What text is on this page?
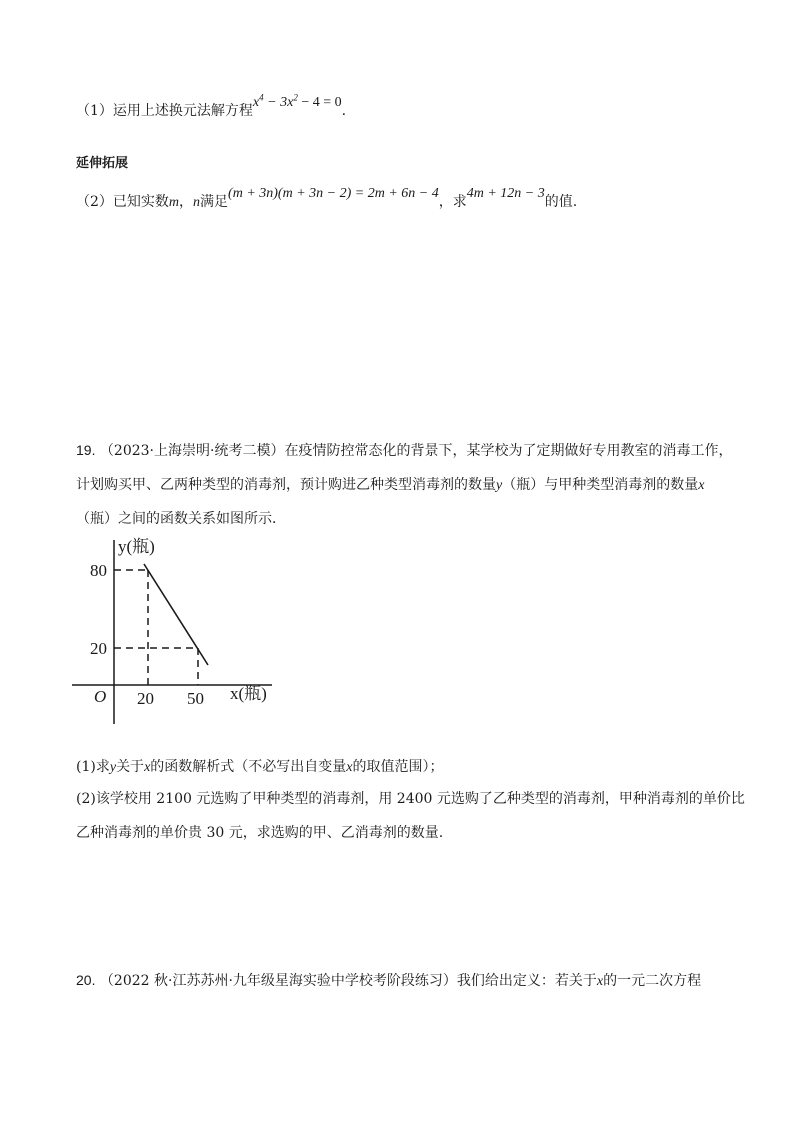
（1）运用上述换元法解方程$x^4 - 3x^2 - 4 = 0$.
延伸拓展
（2）已知实数m，n满足(m + 3n)(m + 3n − 2) = 2m + 6n − 4，求4m + 12n − 3的值.
19. （2023·上海崇明·统考二模）在疫情防控常态化的背景下，某学校为了定期做好专用教室的消毒工作，
计划购买甲、乙两种类型的消毒剂，预计购进乙种类型消毒剂的数量y（瓶）与甲种类型消毒剂的数量x
（瓶）之间的函数关系如图所示．
y(瓶)
x(瓶)
O
80
20
20 50
(1)求y关于x的函数解析式（不必写出自变量x的取值范围）；
(2)该学校用 2100 元选购了甲种类型的消毒剂，用 2400 元选购了乙种类型的消毒剂，甲种消毒剂的单价比
乙种消毒剂的单价贵 30 元，求选购的甲、乙消毒剂的数量.
20. （2022 秋·江苏苏州·九年级星海实验中学校考阶段练习）我们给出定义：若关于x的一元二次方程
